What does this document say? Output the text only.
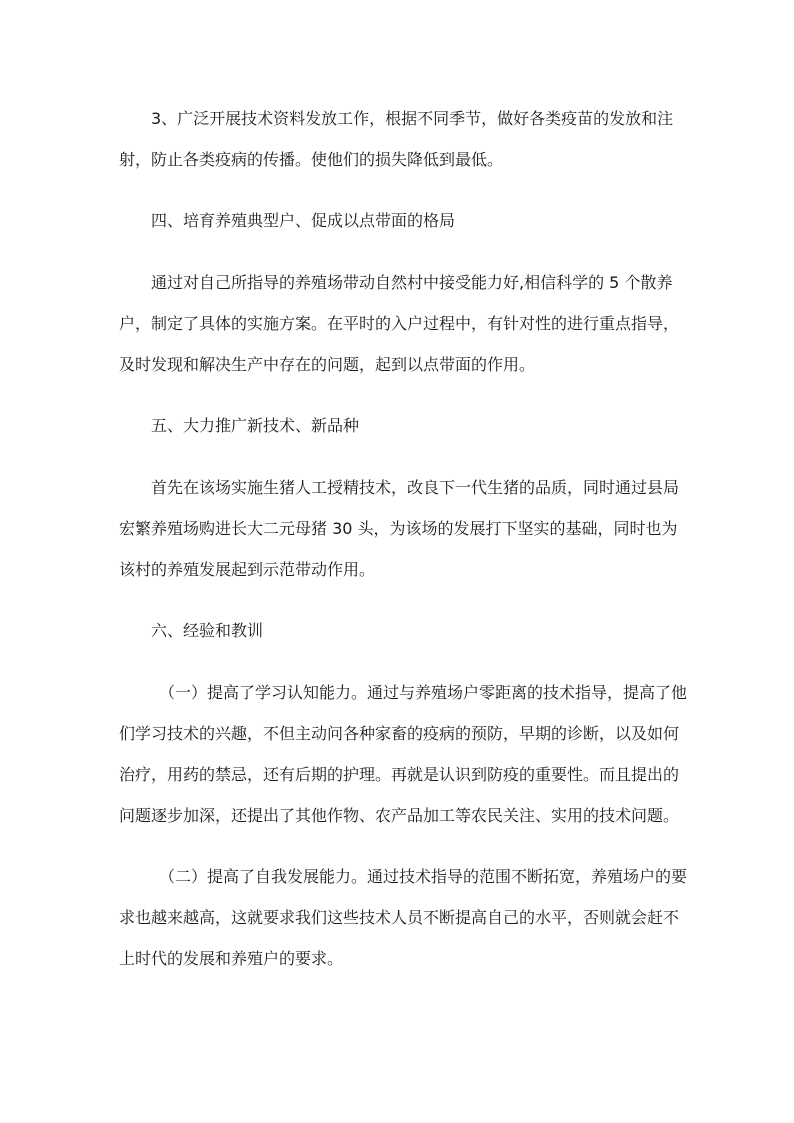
3、广泛开展技术资料发放工作，根据不同季节，做好各类疫苗的发放和注
射，防止各类疫病的传播。使他们的损失降低到最低。
四、培育养殖典型户、促成以点带面的格局
通过对自己所指导的养殖场带动自然村中接受能力好,相信科学的 5 个散养
户，制定了具体的实施方案。在平时的入户过程中，有针对性的进行重点指导，
及时发现和解决生产中存在的问题，起到以点带面的作用。
五、大力推广新技术、新品种
首先在该场实施生猪人工授精技术，改良下一代生猪的品质，同时通过县局
宏繁养殖场购进长大二元母猪 30 头，为该场的发展打下坚实的基础，同时也为
该村的养殖发展起到示范带动作用。
六、经验和教训
（一）提高了学习认知能力。通过与养殖场户零距离的技术指导，提高了他
们学习技术的兴趣，不但主动问各种家畜的疫病的预防，早期的诊断，以及如何
治疗，用药的禁忌，还有后期的护理。再就是认识到防疫的重要性。而且提出的
问题逐步加深，还提出了其他作物、农产品加工等农民关注、实用的技术问题。
（二）提高了自我发展能力。通过技术指导的范围不断拓宽，养殖场户的要
求也越来越高，这就要求我们这些技术人员不断提高自己的水平，否则就会赶不
上时代的发展和养殖户的要求。
